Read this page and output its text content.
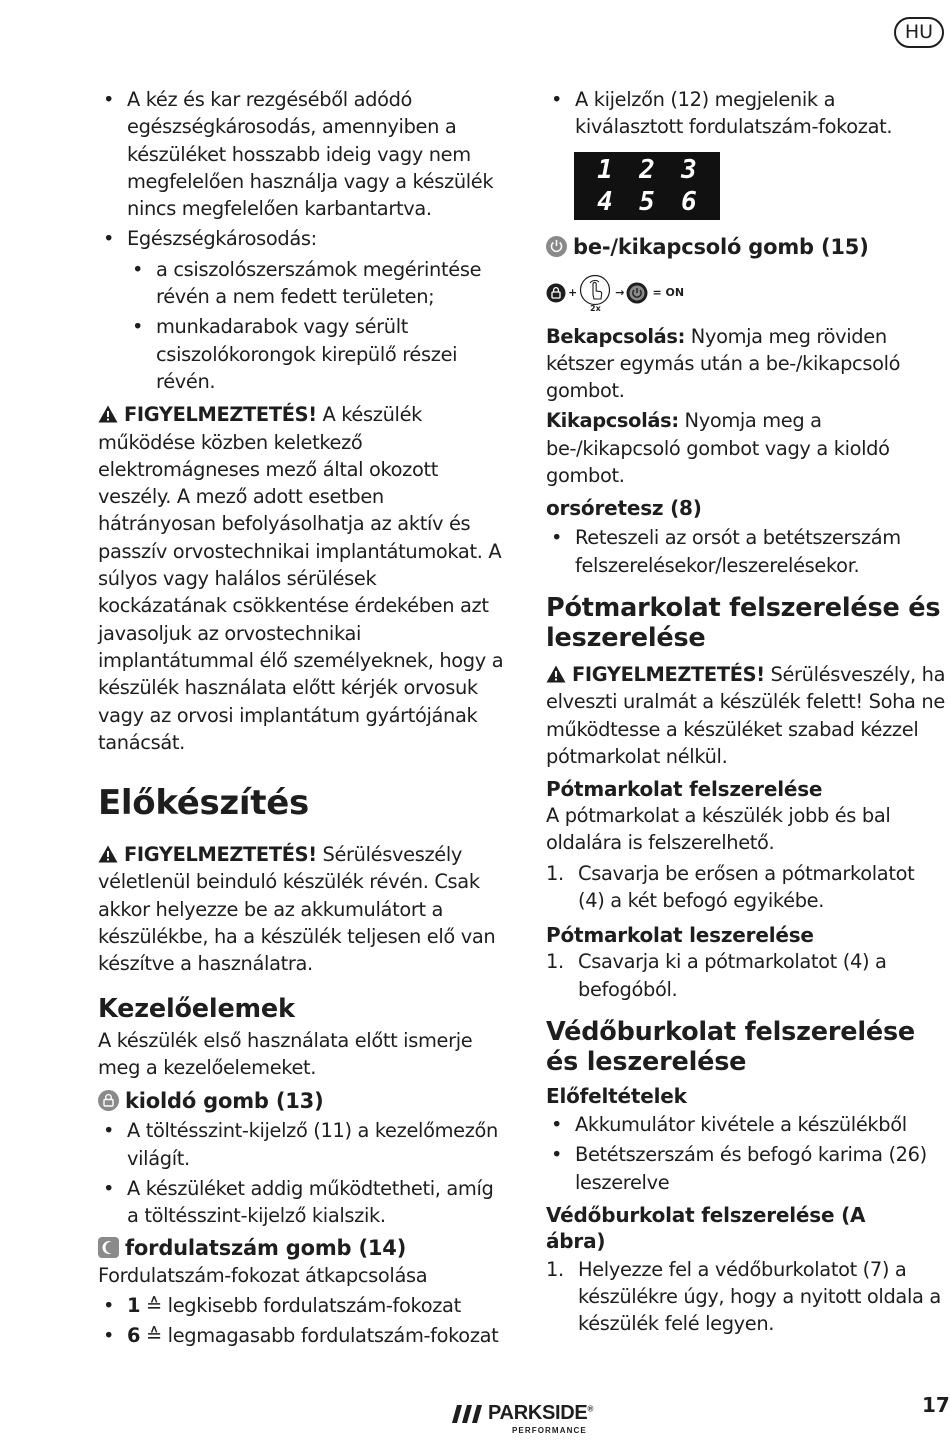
HU
• A kéz és kar rezgéséből adódó egészségkárosodás, amennyiben a készüléket hosszabb ideig vagy nem megfelelően használja vagy a készülék nincs megfelelően karbantartva.
• Egészségkárosodás:
• a csiszolószerszámok megérintése révén a nem fedett területen;
• munkadarabok vagy sérült csiszolókorongok kirepülő részei révén.

FIGYELMEZTETÉS! A készülék működése közben keletkező elektromágneses mező által okozott veszély. A mező adott esetben hátrányosan befolyásolhatja az aktív és passzív orvostechnikai implantátumokat. A súlyos vagy halálos sérülések kockázatának csökkentése érdekében azt javasoljuk az orvostechnikai implantátummal élő személyeknek, hogy a készülék használata előtt kérjék orvosuk vagy az orvosi implantátum gyártójának tanácsát.

Előkészítés

FIGYELMEZTETÉS! Sérülésveszély véletlenül beinduló készülék révén. Csak akkor helyezze be az akkumulátort a készülékbe, ha a készülék teljesen elő van készítve a használatra.

Kezelőelemek

A készülék első használata előtt ismerje meg a kezelőelemeket.

kioldó gomb (13)
• A töltésszint-kijelző (11) a kezelőmezőn világít.
• A készüléket addig működtetheti, amíg a töltésszint-kijelző kialszik.
fordulatszám gomb (14)

Fordulatszám-fokozat átkapcsolása

• 1 ≙ legkisebb fordulatszám-fokozat
• 6 ≙ legmagasabb fordulatszám-fokozat
• A kijelzőn (12) megjelenik a kiválasztott fordulatszám-fokozat.
1 2 3
4 5 6
be-/kikapcsoló gomb (15)
+
2x
→	= ON

Bekapcsolás: Nyomja meg röviden kétszer egymás után a be-/kikapcsoló gombot.

Kikapcsolás: Nyomja meg a be-/kikapcsoló gombot vagy a kioldó gombot.

orsóretesz (8)
• Reteszeli az orsót a betétszerszám felszerelésekor/leszerelésekor.
Pótmarkolat felszerelése és leszerelése

FIGYELMEZTETÉS! Sérülésveszély, ha elveszti uralmát a készülék felett! Soha ne működtesse a készüléket szabad kézzel pótmarkolat nélkül.

Pótmarkolat felszerelése

A pótmarkolat a készülék jobb és bal oldalára is felszerelhető.

1. Csavarja be erősen a pótmarkolatot (4) a két befogó egyikébe.
Pótmarkolat leszerelése
1. Csavarja ki a pótmarkolatot (4) a befogóból.
Védőburkolat felszerelése és leszerelése
Előfeltételek
• Akkumulátor kivétele a készülékből
• Betétszerszám és befogó karima (26) leszerelve
Védőburkolat felszerelése (A ábra)
1. Helyezze fel a védőburkolatot (7) a készülékre úgy, hogy a nyitott oldala a készülék felé legyen.
PARKSIDE®
PERFORMANCE
17
